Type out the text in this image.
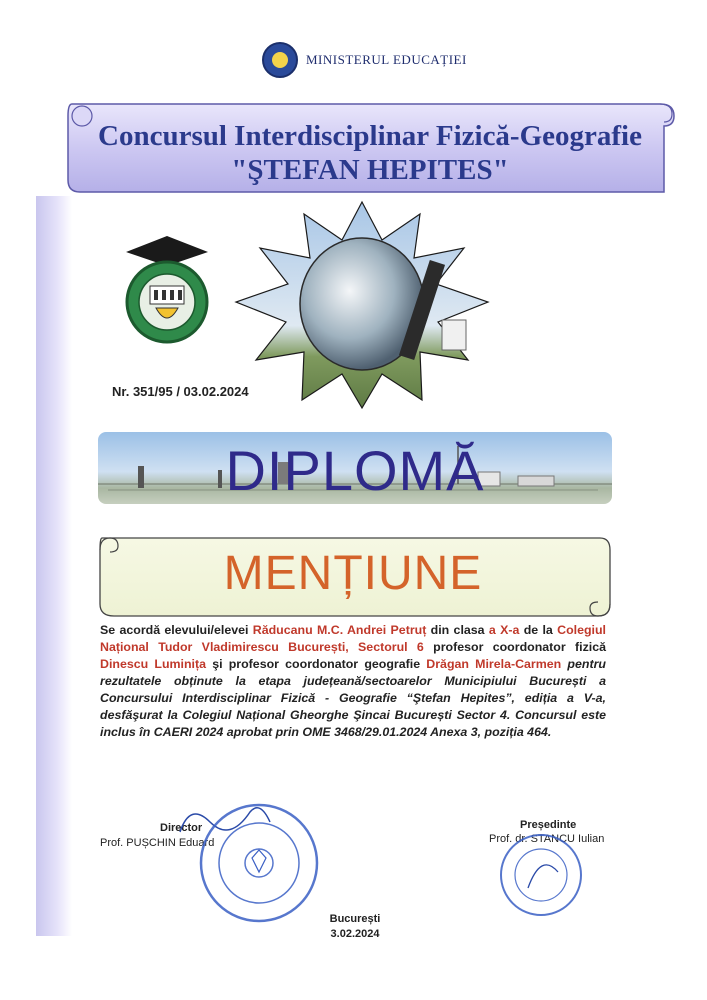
MINISTERUL EDUCAȚIEI
Concursul Interdisciplinar Fizică-Geografie
"ŞTEFAN HEPITES"
Nr. 351/95 / 03.02.2024
DIPLOMĂ
MENȚIUNE
Se acordă elevului/elevei Răducanu M.C. Andrei Petruț din clasa a X-a de la Colegiul Național Tudor Vladimirescu București, Sectorul 6 profesor coordonator fizică Dinescu Luminița şi profesor coordonator geografie Drăgan Mirela-Carmen pentru rezultatele obținute la etapa județeană/sectoarelor Municipiului București a Concursului Interdisciplinar Fizică - Geografie “Ştefan Hepites”, ediția a V-a, desfăşurat la Colegiul Național Gheorghe Şincai București Sector 4. Concursul este inclus în CAERI 2024 aprobat prin OME 3468/29.01.2024 Anexa 3, poziția 464.
Director
Prof. PUȘCHIN Eduard
Președinte
Prof. dr. STANCU Iulian
București
3.02.2024
